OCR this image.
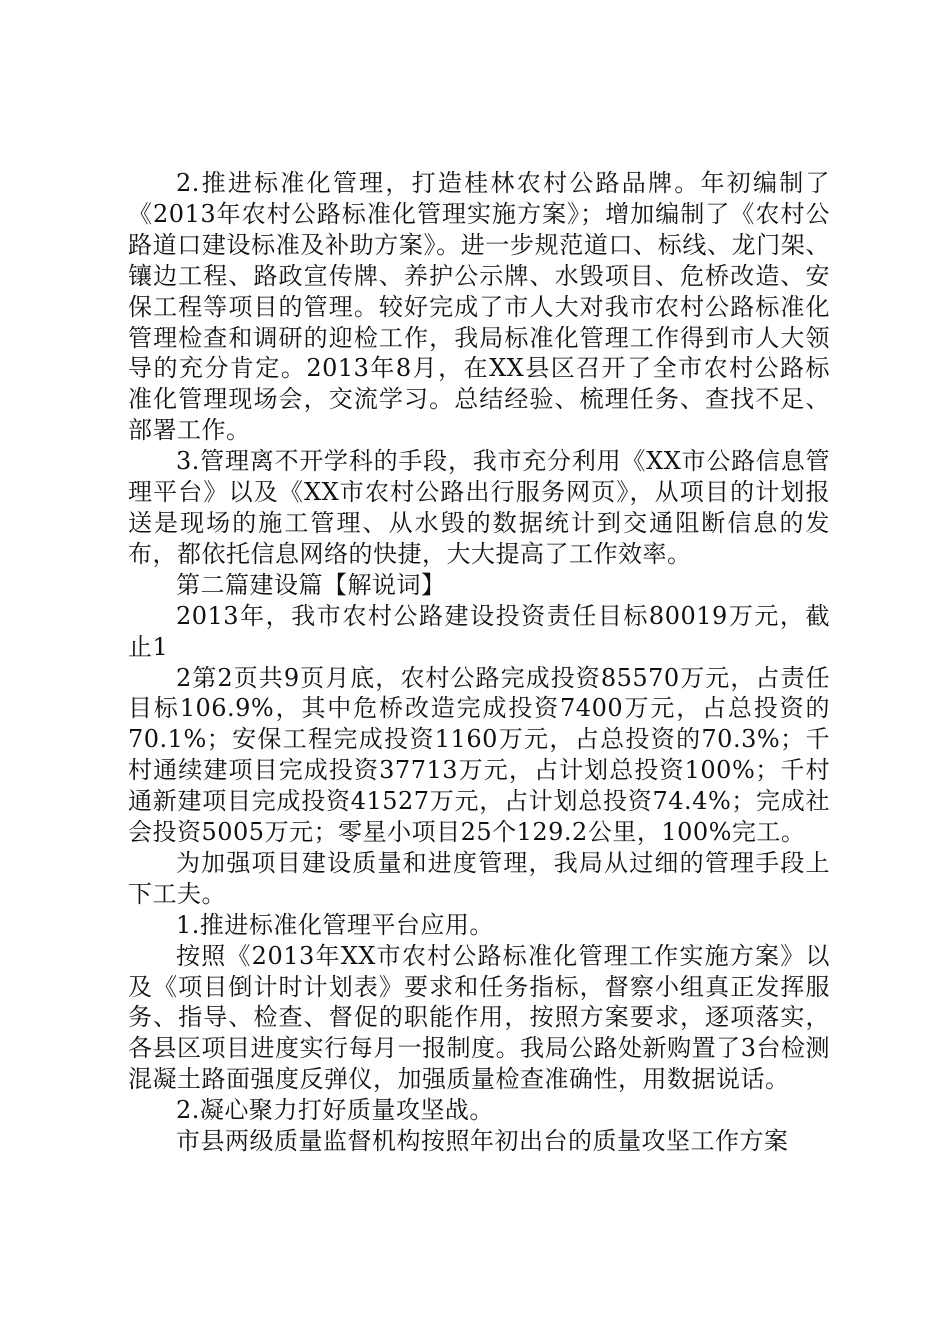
2.推进标准化管理，打造桂林农村公路品牌。年初编制了《2013年农村公路标准化管理实施方案》；增加编制了《农村公路道口建设标准及补助方案》。进一步规范道口、标线、龙门架、镶边工程、路政宣传牌、养护公示牌、水毁项目、危桥改造、安保工程等项目的管理。较好完成了市人大对我市农村公路标准化管理检查和调研的迎检工作，我局标准化管理工作得到市人大领导的充分肯定。2013年8月，在XX县区召开了全市农村公路标准化管理现场会，交流学习。总结经验、梳理任务、查找不足、部署工作。

3.管理离不开学科的手段，我市充分利用《XX市公路信息管理平台》以及《XX市农村公路出行服务网页》，从项目的计划报送是现场的施工管理、从水毁的数据统计到交通阻断信息的发布，都依托信息网络的快捷，大大提高了工作效率。

第二篇建设篇【解说词】

2013年，我市农村公路建设投资责任目标80019万元，截止1

2第2页共9页月底，农村公路完成投资85570万元，占责任目标106.9%，其中危桥改造完成投资7400万元，占总投资的70.1%；安保工程完成投资1160万元，占总投资的70.3%；千村通续建项目完成投资37713万元，占计划总投资100%；千村通新建项目完成投资41527万元，占计划总投资74.4%；完成社会投资5005万元；零星小项目25个129.2公里，100%完工。

为加强项目建设质量和进度管理，我局从过细的管理手段上下工夫。

1.推进标准化管理平台应用。

按照《2013年XX市农村公路标准化管理工作实施方案》以及《项目倒计时计划表》要求和任务指标，督察小组真正发挥服务、指导、检查、督促的职能作用，按照方案要求，逐项落实，各县区项目进度实行每月一报制度。我局公路处新购置了3台检测混凝土路面强度反弹仪，加强质量检查准确性，用数据说话。

2.凝心聚力打好质量攻坚战。

市县两级质量监督机构按照年初出台的质量攻坚工作方案
